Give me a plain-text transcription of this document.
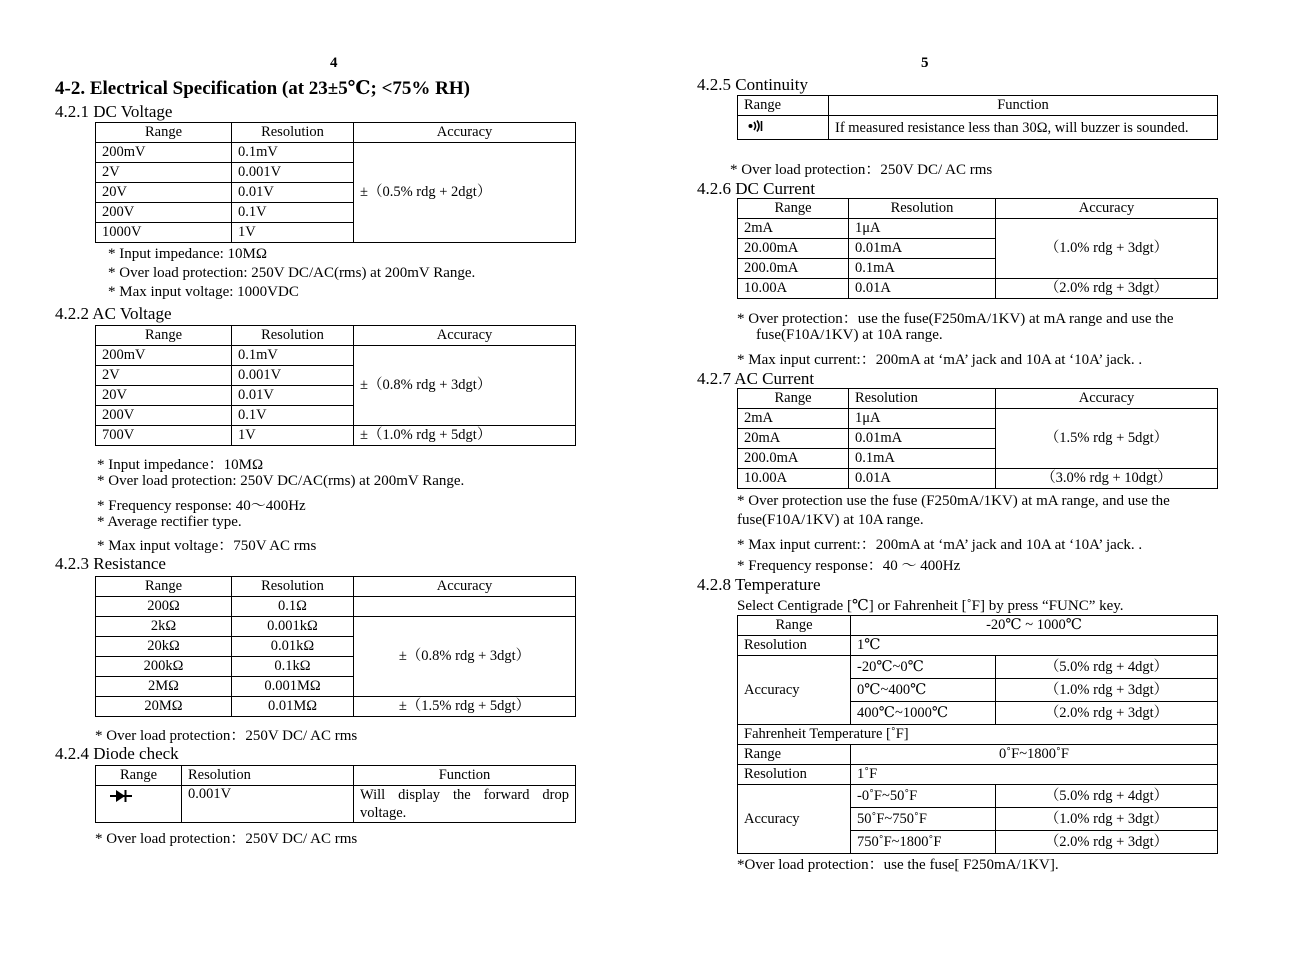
4
4-2. Electrical Specification (at 23±5℃; <75% RH)
4.2.1 DC Voltage
Range	Resolution	Accuracy
200mV	0.1mV	±（0.5% rdg + 2dgt）
2V	0.001V	
20V	0.01V	
200V	0.1V	
1000V	1V	
* Input impedance: 10MΩ
* Over load protection: 250V DC/AC(rms) at 200mV Range.
* Max input voltage: 1000VDC
4.2.2 AC Voltage
Range	Resolution	Accuracy
200mV	0.1mV	±（0.8% rdg + 3dgt）
2V	0.001V	
20V	0.01V	
200V	0.1V	
700V	1V	±（1.0% rdg + 5dgt）
* Input impedance：10MΩ
* Over load protection: 250V DC/AC(rms) at 200mV Range.
* Frequency response: 40～400Hz
* Average rectifier type.
* Max input voltage：750V AC rms
4.2.3 Resistance
Range	Resolution	Accuracy
200Ω	0.1Ω	
2kΩ	0.001kΩ	±（0.8% rdg + 3dgt）
20kΩ	0.01kΩ	
200kΩ	0.1kΩ	
2MΩ	0.001MΩ	
20MΩ	0.01MΩ	±（1.5% rdg + 5dgt）
* Over load protection：250V DC/ AC rms
4.2.4 Diode check
Range	Resolution	Function

	0.001V	Will display the forward drop voltage.
* Over load protection：250V DC/ AC rms
5
4.2.5 Continuity
Range	Function

	If measured resistance less than 30Ω, will buzzer is sounded.
* Over load protection：250V DC/ AC rms
4.2.6 DC Current
Range	Resolution	Accuracy
2mA	1μA	（1.0% rdg + 3dgt）
20.00mA	0.01mA	
200.0mA	0.1mA	
10.00A	0.01A	（2.0% rdg + 3dgt）
* Over protection：use the fuse(F250mA/1KV) at mA range and use the
fuse(F10A/1KV) at 10A range.
* Max input current:：200mA at ‘mA’ jack and 10A at ‘10A’ jack. .
4.2.7 AC Current
Range	Resolution	Accuracy
2mA	1μA	（1.5% rdg + 5dgt）
20mA	0.01mA	
200.0mA	0.1mA	
10.00A	0.01A	（3.0% rdg + 10dgt）
* Over protection use the fuse (F250mA/1KV) at mA range, and use the
fuse(F10A/1KV) at 10A range.
* Max input current:：200mA at ‘mA’ jack and 10A at ‘10A’ jack. .
* Frequency response：40 ～ 400Hz
4.2.8 Temperature
Select Centigrade [℃] or Fahrenheit [˚F] by press “FUNC” key.
Range	-20℃ ~ 1000℃	
Resolution	1℃	
Accuracy	-20℃~0℃	（5.0% rdg + 4dgt）
	0℃~400℃	（1.0% rdg + 3dgt）
	400℃~1000℃	（2.0% rdg + 3dgt）
Fahrenheit Temperature [˚F]		
Range	0˚F~1800˚F	
Resolution	1˚F	
Accuracy	-0˚F~50˚F	（5.0% rdg + 4dgt）
	50˚F~750˚F	（1.0% rdg + 3dgt）
	750˚F~1800˚F	（2.0% rdg + 3dgt）
*Over load protection：use the fuse[ F250mA/1KV].
